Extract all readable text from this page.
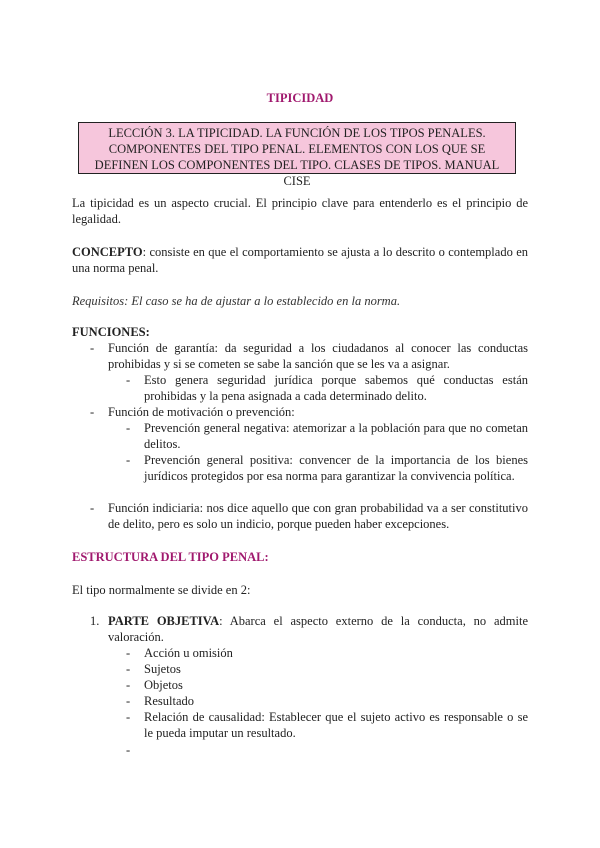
TIPICIDAD
LECCIÓN 3. LA TIPICIDAD. LA FUNCIÓN DE LOS TIPOS PENALES. COMPONENTES DEL TIPO PENAL. ELEMENTOS CON LOS QUE SE DEFINEN LOS COMPONENTES DEL TIPO. CLASES DE TIPOS. MANUAL CISE
La tipicidad es un aspecto crucial. El principio clave para entenderlo es el principio de legalidad.
CONCEPTO: consiste en que el comportamiento se ajusta a lo descrito o contemplado en una norma penal.
Requisitos: El caso se ha de ajustar a lo establecido en la norma.
FUNCIONES:
- Función de garantía: da seguridad a los ciudadanos al conocer las conductas prohibidas y si se cometen se sabe la sanción que se les va a asignar.
- Esto genera seguridad jurídica porque sabemos qué conductas están prohibidas y la pena asignada a cada determinado delito.
- Función de motivación o prevención:
- Prevención general negativa: atemorizar a la población para que no cometan delitos.
- Prevención general positiva: convencer de la importancia de los bienes jurídicos protegidos por esa norma para garantizar la convivencia política.
- Función indiciaria: nos dice aquello que con gran probabilidad va a ser constitutivo de delito, pero es solo un indicio, porque pueden haber excepciones.
ESTRUCTURA DEL TIPO PENAL:
El tipo normalmente se divide en 2:
1. PARTE OBJETIVA: Abarca el aspecto externo de la conducta, no admite valoración.
- Acción u omisión
- Sujetos
- Objetos
- Resultado
- Relación de causalidad: Establecer que el sujeto activo es responsable o se le pueda imputar un resultado.
-
